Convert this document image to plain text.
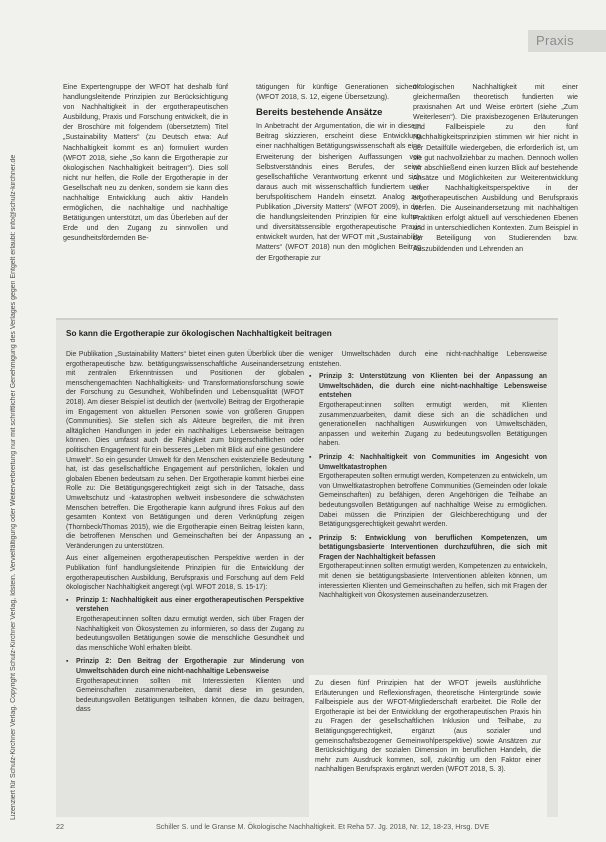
Praxis
Lizenziert für Schulz-Kirchner Verlag. Copyright Schulz-Kirchner Verlag, Idstein. Vervielfältigung oder Weiterverbreitung nur mit schriftlicher Genehmigung des Verlages gegen Entgelt erlaubt: info@schulz-kirchner.de

Eine Expertengruppe der WFOT hat deshalb fünf handlungsleitende Prinzipien zur Berücksichtigung von Nachhaltigkeit in der ergotherapeutischen Ausbildung, Praxis und Forschung entwickelt, die in der Broschüre mit folgendem (übersetztem) Titel „Sustainability Matters“ (zu Deutsch etwa: Auf Nachhaltigkeit kommt es an) formuliert wurden (WFOT 2018, siehe „So kann die Ergotherapie zur ökologischen Nachhaltigkeit beitragen“). Dies soll nicht nur helfen, die Rolle der Ergotherapie in der Gesellschaft neu zu denken, sondern sie kann dies nachhaltige Entwicklung auch aktiv Handeln ermöglichen, die nachhaltige und nachhaltige Betätigungen unterstützt, um das Überleben auf der Erde und den Zugang zu sinnvollen und gesundheitsfördernden Be-

tätigungen für künftige Generationen sichern“ (WFOT 2018, S. 12, eigene Übersetzung).

Bereits bestehende Ansätze

In Anbetracht der Argumentation, die wir in diesem Beitrag skizzieren, erscheint diese Entwicklung einer nachhaltigen Betätigungswissenschaft als eine Erweiterung der bisherigen Auffassungen von Selbstverständnis eines Berufes, der seine gesellschaftliche Verantwortung erkennt und sich daraus auch mit wissenschaftlich fundiertem und berufspolitischem Handeln einsetzt. Analog zur Publikation „Diversity Matters“ (WFOT 2009), in der die handlungsleitenden Prinzipien für eine kultur- und diversitätssensible ergotherapeutische Praxis entwickelt wurden, hat der WFOT mit „Sustainability Matters“ (WFOT 2018) nun den möglichen Beitrag der Ergotherapie zur

ökologischen Nachhaltigkeit mit einer gleichermaßen theoretisch fundierten wie praxisnahen Art und Weise erörtert (siehe „Zum Weiterlesen“). Die praxisbezogenen Erläuterungen und Fallbeispiele zu den fünf Nachhaltigkeitsprinzipien stimmen wir hier nicht in der Detailfülle wiedergeben, die erforderlich ist, um sie gut nachvollziehbar zu machen. Dennoch wollen wir abschließend einen kurzen Blick auf bestehende Ansätze und Möglichkeiten zur Weiterentwicklung einer Nachhaltigkeitsperspektive in der ergotherapeutischen Ausbildung und Berufspraxis werfen. Die Auseinandersetzung mit nachhaltigen Praktiken erfolgt aktuell auf verschiedenen Ebenen und in unterschiedlichen Kontexten. Zum Beispiel in der Beteiligung von Studierenden bzw. Auszubildenden und Lehrenden an

So kann die Ergotherapie zur ökologischen Nachhaltigkeit beitragen

Die Publikation „Sustainability Matters“ bietet einen guten Überblick über die ergotherapeutische bzw. betätigungswissenschaftliche Auseinandersetzung mit zentralen Erkenntnissen und Positionen der globalen menschengemachten Nachhaltigkeits- und Transformationsforschung sowie der Forschung zu Gesundheit, Wohlbefinden und Lebensqualität (WFOT 2018). Am dieser Beispiel ist deutlich der (wertvolle) Beitrag der Ergotherapie im Engagement von aktuellen Personen sowie von größeren Gruppen (Communities). Sie stellen sich als Akteure begreifen, die mit ihren alltäglichen Handlungen in jeder ein nachhaltiges Lebensweise beitragen können. Dies umfasst auch die Fähigkeit zum bürgerschaftlichen oder politischen Engagement für ein besseres „Leben mit Blick auf eine gesündere Umwelt“. So ein gesunder Umwelt für den Menschen existenzielle Bedeutung hat, ist das gesellschaftliche Engagement auf persönlichen, lokalen und globalen Ebenen bedeutsam zu sehen. Der Ergotherapie kommt hierbei eine Rolle zu: Die Betätigungsgerechtigkeit zeigt sich in der Tatsache, dass Umweltschutz und -katastrophen weltweit insbesondere die schwächsten Menschen betreffen. Die Ergotherapie kann aufgrund ihres Fokus auf den gesamten Kontext von Betätigungen und deren Verknüpfung zeigen (Thornbeck/Thomas 2015), wie die Ergotherapie einen Beitrag leisten kann, die betroffenen Menschen und Gemeinschaften bei der Anpassung an Veränderungen zu unterstützen.

Aus einer allgemeinen ergotherapeutischen Perspektive werden in der Publikation fünf handlungsleitende Prinzipien für die Entwicklung der ergotherapeutischen Ausbildung, Berufspraxis und Forschung auf dem Feld ökologischer Nachhaltigkeit angeregt (vgl. WFOT 2018, S. 15-17):

▪ Prinzip 1: Nachhaltigkeit aus einer ergotherapeutischen Perspektive verstehen
Ergotherapeut:innen sollten dazu ermutigt werden, sich über Fragen der Nachhaltigkeit von Ökosystemen zu informieren, so dass der Zugang zu bedeutungsvollen Betätigungen sowie die menschliche Gesundheit und das menschliche Wohl erhalten bleibt.
▪ Prinzip 2: Den Beitrag der Ergotherapie zur Minderung von Umweltschäden durch eine nicht-nachhaltige Lebensweise
Ergotherapeut:innen sollten mit Interessierten Klienten und Gemeinschaften zusammenarbeiten, damit diese im gesunden, bedeutungsvollen Betätigungen teilhaben können, die dazu beitragen, dass

weniger Umweltschäden durch eine nicht-nachhaltige Lebensweise entstehen.

▪ Prinzip 3: Unterstützung von Klienten bei der Anpassung an Umweltschäden, die durch eine nicht-nachhaltige Lebensweise entstehen
Ergotherapeut:innen sollten ermutigt werden, mit Klienten zusammenzuarbeiten, damit diese sich an die schädlichen und generationellen nachhaltigen Auswirkungen von Umweltschäden, anpassen und weiterhin Zugang zu bedeutungsvollen Betätigungen haben.
▪ Prinzip 4: Nachhaltigkeit von Communities im Angesicht von Umweltkatastrophen
Ergotherapeuten sollten ermutigt werden, Kompetenzen zu entwickeln, um von Umweltkatastrophen betroffene Communities (Gemeinden oder lokale Gemeinschaften) zu befähigen, deren Angehörigen die Teilhabe an bedeutungsvollen Betätigungen auf nachhaltige Weise zu ermöglichen. Dabei müssen die Prinzipien der Gleichberechtigung und der Betätigungsgerechtigkeit gewahrt werden.
▪ Prinzip 5: Entwicklung von beruflichen Kompetenzen, um betätigungsbasierte Interventionen durchzuführen, die sich mit Fragen der Nachhaltigkeit befassen
Ergotherapeut:innen sollten ermutigt werden, Kompetenzen zu entwickeln, mit denen sie betätigungsbasierte Interventionen ableiten können, um interessierten Klienten und Gemeinschaften zu helfen, sich mit Fragen der Nachhaltigkeit von Ökosystemen auseinanderzusetzen.
Zu diesen fünf Prinzipien hat der WFOT jeweils ausführliche Erläuterungen und Reflexionsfragen, theoretische Hintergründe sowie Fallbeispiele aus der WFOT-Mitgliederschaft erarbeitet. Die Rolle der Ergotherapie ist bei der Entwicklung der ergotherapeutischen Praxis hin zu Fragen der gesellschaftlichen Inklusion und Teilhabe, zu Betätigungsgerechtigkeit, ergänzt (aus sozialer und gemeinschaftsbezogener Gemeinwohlperspektive) sowie Ansätzen zur Berücksichtigung der sozialen Dimension im beruflichen Handeln, die mehr zum Ausdruck kommen, soll, zukünftig um den Faktor einer nachhaltigen Berufspraxis ergänzt werden (WFOT 2018, S. 3).
22	Schiller S. und le Granse M. Ökologische Nachhaltigkeit. Et Reha 57. Jg. 2018, Nr. 12, 18-23, Hrsg. DVE
